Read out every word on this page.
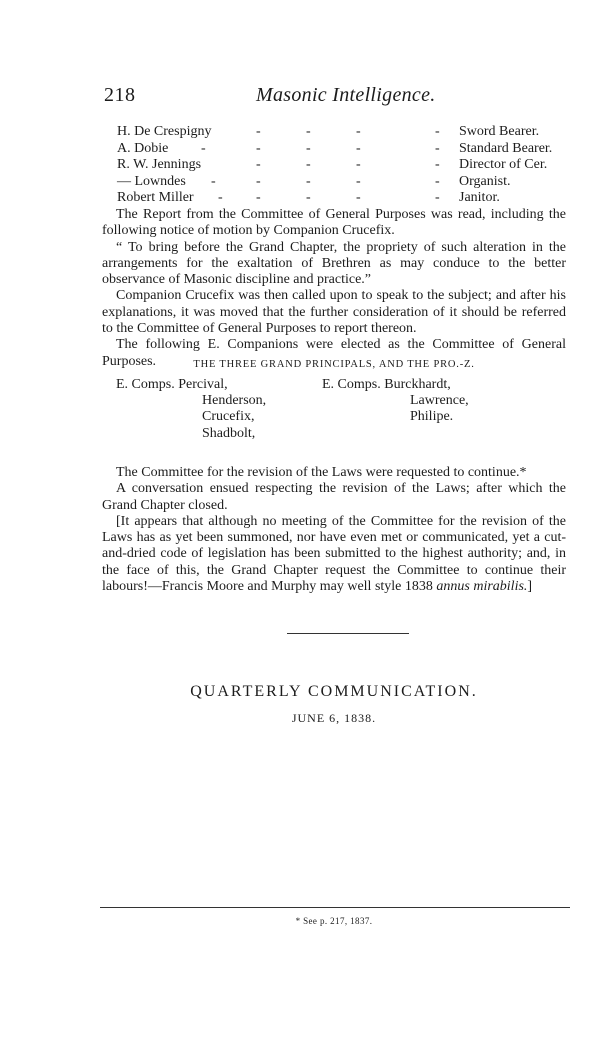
218	Masonic Intelligence.
H. De Crespigny	-	-	-	- Sword Bearer.
A. Dobie -	-	-	-	- Standard Bearer.
R. W. Jennings	-	-	-	- Director of Cer.
— Lowndes -	-	-	-	- Organist.
Robert Miller - -	-	-	- Janitor.

The Report from the Committee of General Purposes was read, including the following notice of motion by Companion Crucefix.

“ To bring before the Grand Chapter, the propriety of such alteration in the arrangements for the exaltation of Brethren as may conduce to the better observance of Masonic discipline and practice.”

Companion Crucefix was then called upon to speak to the subject; and after his explanations, it was moved that the further consideration of it should be referred to the Committee of General Purposes to report thereon.

The following E. Companions were elected as the Committee of General Purposes.	THE THREE GRAND PRINCIPALS, AND THE PRO.-Z.
E. Comps. Percival,
Henderson,
Crucefix,
Shadbolt,
E. Comps. Burckhardt,
Lawrence,
Philipe.

The Committee for the revision of the Laws were requested to continue.*

A conversation ensued respecting the revision of the Laws; after which the Grand Chapter closed.

[It appears that although no meeting of the Committee for the revision of the Laws has as yet been summoned, nor have even met or communicated, yet a cut-and-dried code of legislation has been submitted to the highest authority; and, in the face of this, the Grand Chapter request the Committee to continue their labours!—Francis Moore and Murphy may well style 1838 annus mirabilis.]

QUARTERLY COMMUNICATION.
JUNE 6, 1838.
* See p. 217, 1837.
